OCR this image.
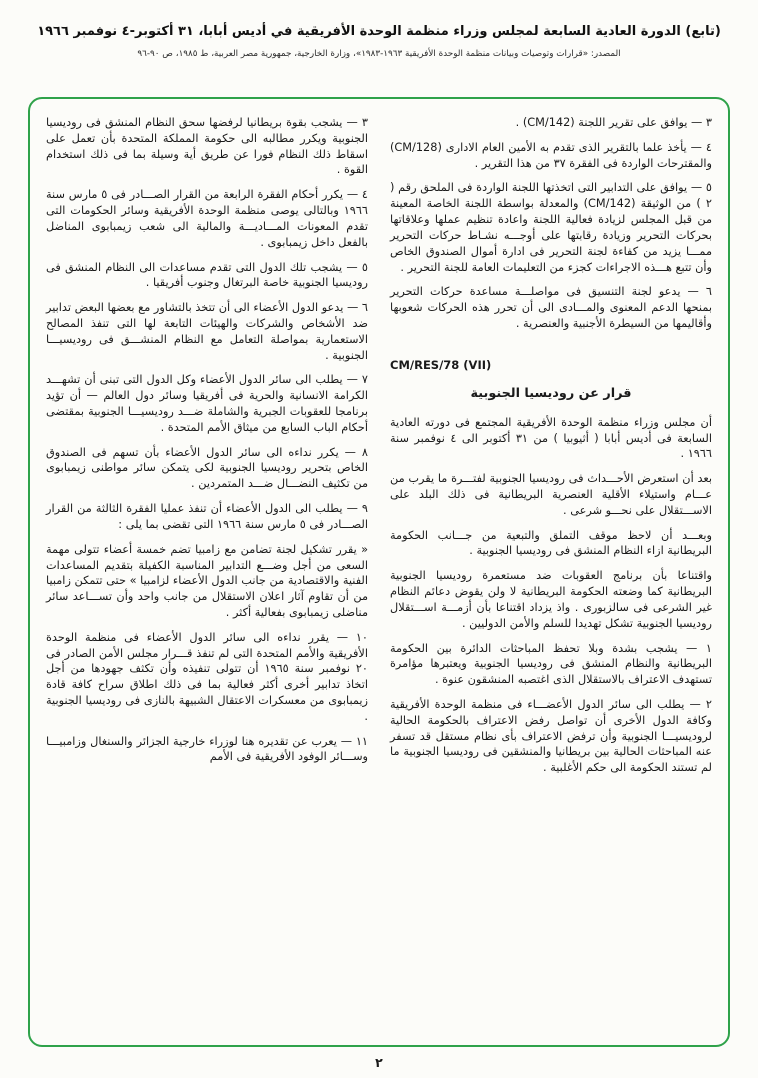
(تابع) الدورة العادية السابعة لمجلس وزراء منظمة الوحدة الأفريقية في أديس أبابا، ٣١ أكتوبر-٤ نوفمبر ١٩٦٦
المصدر: «قرارات وتوصيات وبيانات منظمة الوحدة الأفريقية ١٩٦٣-١٩٨٣»، وزارة الخارجية، جمهورية مصر العربية، ط ١٩٨٥، ص ٩٠-٩٦

٣ — يوافق على تقرير اللجنة (CM/142) .

٤ — يأخذ علما بالتقرير الذى تقدم به الأمين العام الادارى (CM/128) والمقترحات الواردة فى الفقرة ٣٧ من هذا التقرير .

٥ — يوافق على التدابير التى اتخذتها اللجنة الواردة فى الملحق رقم ( ٢ ) من الوثيقة (CM/142) والمعدلة بواسطة اللجنة الخاصة المعينة من قبل المجلس لزيادة فعالية اللجنة واعادة تنظيم عملها وعلاقاتها بحركات التحرير وزيادة رقابتها على أوجـــه نشـاط حركات التحرير ممـــا يزيد من كفاءة لجنة التحرير فى ادارة أموال الصندوق الخاص وأن تتبع هـــذه الاجراءات كجزء من التعليمات العامة للجنة التحرير .

٦ — يدعو لجنة التنسيق فى مواصلـــة مساعدة حركات التحرير بمنحها الدعم المعنوى والمـــادى الى أن تحرر هذه الحركات شعوبها وأقاليمها من السيطرة الأجنبية والعنصرية .

CM/RES/78 (VII)
قرار عن روديسيا الجنوبية

أن مجلس وزراء منظمة الوحدة الأفريقية المجتمع فى دورته العادية السابعة فى أديس أبابا ( أثيوبيا ) من ٣١ أكتوبر الى ٤ نوفمبر سنة ١٩٦٦ .

بعد أن استعرض الأحـــداث فى روديسيا الجنوبية لفتـــرة ما يقرب من عـــام واستيلاء الأقلية العنصرية البريطانية فى ذلك البلد على الاســـتقلال على نحـــو شرعى .

وبعـــد أن لاحظ موقف التملق والتبعية من جـــانب الحكومة البريطانية ازاء النظام المنشق فى روديسيا الجنوبية .

واقتناعا بأن برنامج العقوبات ضد مستعمرة روديسيا الجنوبية البريطانية كما وضعته الحكومة البريطانية لا ولن يقوض دعائم النظام غير الشرعى فى سالزبورى . واذ يزداد اقتناعا بأن أزمـــة اســـتقلال روديسيا الجنوبية تشكل تهديدا للسلم والأمن الدوليين .

١ — يشجب بشدة وبلا تحفظ المباحثات الدائرة بين الحكومة البريطانية والنظام المنشق فى روديسيا الجنوبية ويعتبرها مؤامرة تستهدف الاعتراف بالاستقلال الذى اغتصبه المنشقون عنوة .

٢ — يطلب الى سائر الدول الأعضـــاء فى منظمة الوحدة الأفريقية وكافة الدول الأخرى أن تواصل رفض الاعتراف بالحكومة الحالية لروديسيـــا الجنوبية وأن ترفض الاعتراف بأى نظام مستقل قد تسفر عنه المباحثات الحالية بين بريطانيا والمنشقين فى روديسيا الجنوبية ما لم تستند الحكومة الى حكم الأغلبية .

٣ — يشجب بقوة بريطانيا لرفضها سحق النظام المنشق فى روديسيا الجنوبية ويكرر مطالبه الى حكومة المملكة المتحدة بأن تعمل على اسقاط ذلك النظام فورا عن طريق أية وسيلة بما فى ذلك استخدام القوة .

٤ — يكرر أحكام الفقرة الرابعة من القرار الصـــادر فى ٥ مارس سنة ١٩٦٦ وبالتالى يوصى منظمة الوحدة الأفريقية وسائر الحكومات التى تقدم المعونات المـــاديـــة والمالية الى شعب زيمبابوى المناضل بالفعل داخل زيمبابوى .

٥ — يشجب تلك الدول التى تقدم مساعدات الى النظام المنشق فى روديسيا الجنوبية خاصة البرتغال وجنوب أفريقيا .

٦ — يدعو الدول الأعضاء الى أن تتخذ بالتشاور مع بعضها البعض تدابير ضد الأشخاص والشركات والهيئات التابعة لها التى تنفذ المصالح الاستعمارية بمواصلة التعامل مع النظام المنشـــق فى روديسيـــا الجنوبية .

٧ — يطلب الى سائر الدول الأعضاء وكل الدول التى تبنى أن تشهـــد الكرامة الانسانية والحرية فى أفريقيا وسائر دول العالم — أن تؤيد برنامجا للعقوبات الجبرية والشاملة ضـــد روديسيـــا الجنوبية بمقتضى أحكام الباب السابع من ميثاق الأمم المتحدة .

٨ — يكرر نداءه الى سائر الدول الأعضاء بأن تسهم فى الصندوق الخاص بتحرير روديسيا الجنوبية لكى يتمكن سائر مواطنى زيمبابوى من تكثيف النضـــال ضـــد المتمردين .

٩ — يطلب الى الدول الأعضاء أن تنفذ عمليا الفقرة الثالثة من القرار الصـــادر فى ٥ مارس سنة ١٩٦٦ التى تقضى بما يلى :

« يقرر تشكيل لجنة تضامن مع زامبيا تضم خمسة أعضاء تتولى مهمة السعى من أجل وضـــع التدابير المناسبة الكفيلة بتقديم المساعدات الفنية والاقتصادية من جانب الدول الأعضاء لزامبيا » حتى تتمكن زامبيا من أن تقاوم آثار اعلان الاستقلال من جانب واحد وأن تســـاعد سائر مناضلى زيمبابوى بفعالية أكثر .

١٠ — يقرر نداءه الى سائر الدول الأعضاء فى منظمة الوحدة الأفريقية والأمم المتحدة التى لم تنفذ قـــرار مجلس الأمن الصادر فى ٢٠ نوفمبر سنة ١٩٦٥ أن تتولى تنفيذه وأن تكثف جهودها من أجل اتخاذ تدابير أخرى أكثر فعالية بما فى ذلك اطلاق سراح كافة قادة زيمبابوى من معسكرات الاعتقال الشبيهة بالنازى فى روديسيا الجنوبية .

١١ — يعرب عن تقديره هنا لوزراء خارجية الجزائر والسنغال وزامبيـــا وســـائر الوفود الأفريقية فى الأمم

٢
